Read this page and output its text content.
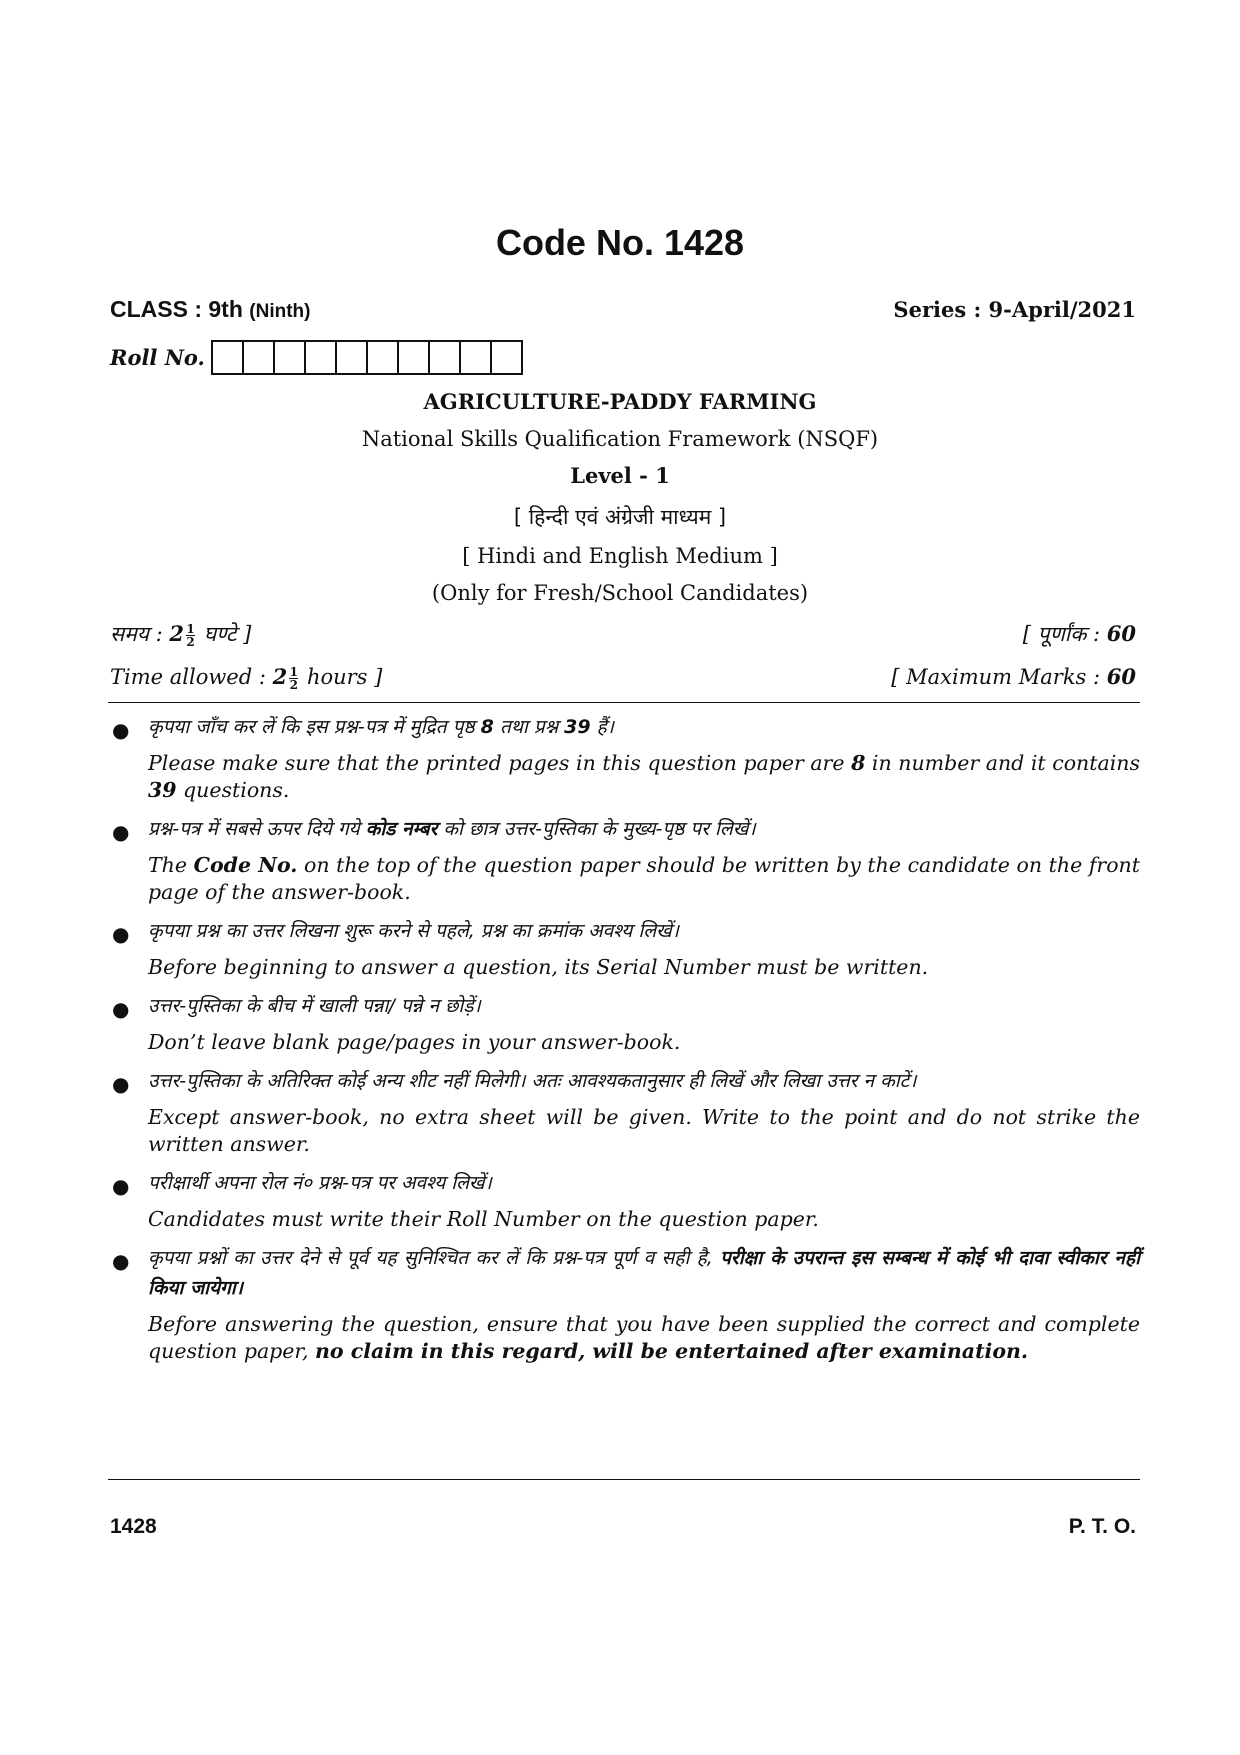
Code No. 1428
CLASS : 9th (Ninth)	Series : 9-April/2021
Roll No.
AGRICULTURE-PADDY FARMING
National Skills Qualification Framework (NSQF)
Level - 1
[ हिन्दी एवं अंग्रेजी माध्यम ]
[ Hindi and English Medium ]
(Only for Fresh/School Candidates)
समय : $2 \frac{1}{2}$ घण्टे ]	[ पूर्णांक : 60
Time allowed : $2 \frac{1}{2}$ hours ]	[ Maximum Marks : 60
● कृपया जाँच कर लें कि इस प्रश्न-पत्र में मुद्रित पृष्ठ 8 तथा प्रश्न 39 हैं।

Please make sure that the printed pages in this question paper are 8 in number and it contains 39 questions.

● प्रश्न-पत्र में सबसे ऊपर दिये गये कोड नम्बर को छात्र उत्तर-पुस्तिका के मुख्य-पृष्ठ पर लिखें।

The Code No. on the top of the question paper should be written by the candidate on the front page of the answer-book.

● कृपया प्रश्न का उत्तर लिखना शुरू करने से पहले, प्रश्न का क्रमांक अवश्य लिखें।

Before beginning to answer a question, its Serial Number must be written.

● उत्तर-पुस्तिका के बीच में खाली पन्ना/ पन्ने न छोड़ें।

Don’t leave blank page/pages in your answer-book.

● उत्तर-पुस्तिका के अतिरिक्त कोई अन्य शीट नहीं मिलेगी। अतः आवश्यकतानुसार ही लिखें और लिखा उत्तर न काटें।

Except answer-book, no extra sheet will be given. Write to the point and do not strike the written answer.

● परीक्षार्थी अपना रोल नं० प्रश्न-पत्र पर अवश्य लिखें।

Candidates must write their Roll Number on the question paper.

● कृपया प्रश्नों का उत्तर देने से पूर्व यह सुनिश्चित कर लें कि प्रश्न-पत्र पूर्ण व सही है, परीक्षा के उपरान्त इस सम्बन्ध में कोई भी दावा स्वीकार नहीं किया जायेगा।

Before answering the question, ensure that you have been supplied the correct and complete question paper, no claim in this regard, will be entertained after examination.

1428	P. T. O.
